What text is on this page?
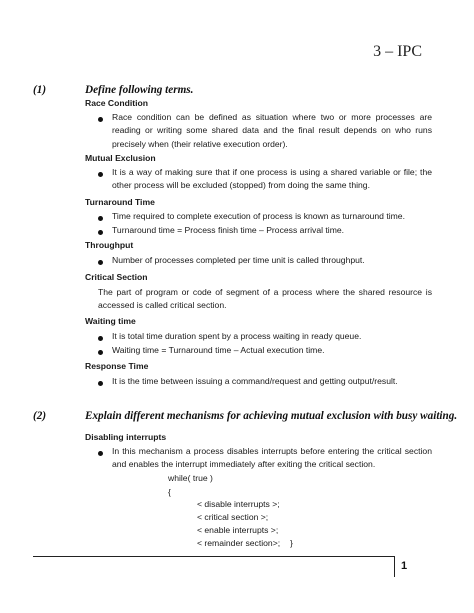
3 – IPC
(1)	Define following terms.
Race Condition
Race condition can be defined as situation where two or more processes are reading or writing some shared data and the final result depends on who runs precisely when (their relative execution order).
Mutual Exclusion
It is a way of making sure that if one process is using a shared variable or file; the other process will be excluded (stopped) from doing the same thing.
Turnaround Time
Time required to complete execution of process is known as turnaround time.
Turnaround time = Process finish time – Process arrival time.
Throughput
Number of processes completed per time unit is called throughput.
Critical Section
The part of program or code of segment of a process where the shared resource is accessed is called critical section.
Waiting time
It is total time duration spent by a process waiting in ready queue.
Waiting time = Turnaround time – Actual execution time.
Response Time
It is the time between issuing a command/request and getting output/result.
(2)	Explain different mechanisms for achieving mutual exclusion with busy waiting.
Disabling interrupts
In this mechanism a process disables interrupts before entering the critical section and enables the interrupt immediately after exiting the critical section.
while( true )
{
< disable interrupts >;
< critical section >;
< enable interrupts >;
< remainder section>; }
1
